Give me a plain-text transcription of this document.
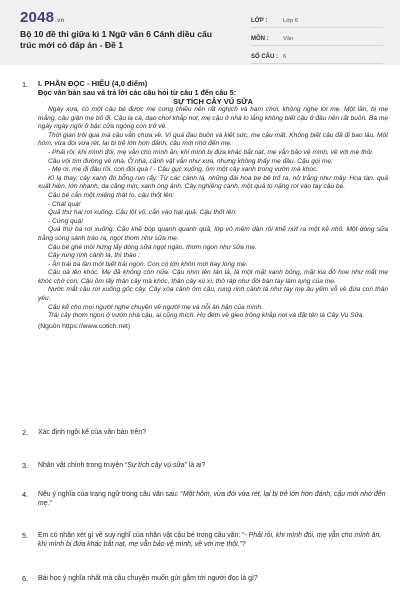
2048.vn
Bộ 10 đề thi giữa kì 1 Ngữ văn 6 Cánh diều cấu trúc mới có đáp án - Đề 1
LỚP :	Lớp 6
MÔN :	Văn
SỐ CÂU : 6
1. I. PHẦN ĐỌC - HIỂU (4,0 điểm)
Đọc văn bản sau và trả lời các câu hỏi từ câu 1 đến câu 5:
SỰ TÍCH CÂY VÚ SỮA

Ngày xưa, có một cậu bé được mẹ cưng chiều nên rất nghịch và ham chơi, không nghe lời mẹ. Một lần, bị mẹ mắng, cậu giận mẹ bỏ đi. Cậu la cà, dạo chơi khắp nơi, mẹ cậu ở nhà lo lắng không biết cậu ở đâu nên rất buồn. Bà mẹ ngày ngày ngồi ở bậc cửa ngóng con trở về.

Thời gian trôi qua mà cậu vẫn chưa về. Vì quá đau buồn và kiệt sức, mẹ cậu mất. Không biết cậu đã đi bao lâu. Một hôm, vừa đói vừa rét, lại bị trẻ lớn hơn đánh, cậu mới nhớ đến mẹ.

- Phải rồi, khi mình đói, mẹ vẫn cho mình ăn, khi mình bị đứa khác bắt nạt, mẹ vẫn bảo vệ mình, về với mẹ thôi.

Cậu vội tìm đường về nhà. Ở nhà, cảnh vật vẫn như xưa, nhưng không thấy mẹ đâu. Cậu gọi mẹ:

- Mẹ ơi, mẹ đi đâu rồi, con đói quá ! - Cậu gục xuống, ôm một cây xanh trong vườn mà khóc.

Kì lạ thay, cây xanh đó bỗng run rẩy. Từ các cành lá, những đài hoa be bé trổ ra, nở trắng như mây. Hoa tàn, quả xuất hiện, lớn nhanh, da căng mịn, xanh óng ánh. Cây nghiêng cành, một quả to nặng rơi vào tay cậu bé.

Cậu bé cắn một miếng thật to, cậu thốt lên:

- Chát quá!

Quả thứ hai rơi xuống. Cậu lột vỏ, cắn vào hạt quả. Cậu thốt lên:

- Cứng quá!

Quả thứ ba rơi xuống. Cậu khẽ bóp quanh quanh quả, lớp vỏ mềm dần rồi khẽ nứt ra một kẽ nhỏ. Một dòng sữa trắng sóng sánh trào ra, ngọt thơm như sữa mẹ.

Cậu bé ghé môi hứng lấy dòng sữa ngọt ngào, thơm ngon như sữa mẹ.

Cây rung rinh cành lá, thì thào :

- Ăn trái ba lần mới biết trái ngon. Con có lớn khôn mới hay lòng mẹ.

Cậu oà lên khóc. Mẹ đã không còn nữa. Cậu nhìn lên tán lá, lá một mặt xanh bóng, mặt kia đỏ hoe như mắt mẹ khóc chờ con. Cậu ôm lấy thân cây mà khóc, thân cây xù xì, thô ráp như đôi bàn tay làm lụng của mẹ.

Nước mắt cậu rơi xuống gốc cây. Cây xòa cành ôm cậu, rung rinh cành lá như tay mẹ âu yếm vỗ về đứa con thân yêu.

Cậu kể cho mọi người nghe chuyện về người mẹ và nỗi ân hận của mình.

Trái cây thơm ngon ở vườn nhà cậu, ai cũng thích. Họ đem về gieo trồng khắp nơi và đặt tên là Cây Vú Sữa.

(Nguồn https://www.cotich.net)
2. Xác định ngôi kể của văn bản trên?
3. Nhân vật chính trong truyện “Sự tích cây vú sữa” là ai?
4. Nêu ý nghĩa của trạng ngữ trong câu văn sau: “Một hôm, vừa đói vừa rét, lại bị trẻ lớn hơn đánh, cậu mới nhớ đến mẹ.”
5. Em có nhận xét gì về suy nghĩ của nhân vật cậu bé trong câu văn: “- Phải rồi, khi mình đói, mẹ vẫn cho mình ăn, khi mình bị đứa khác bắt nạt, mẹ vẫn bảo vệ mình, về với mẹ thôi.”?
6. Bài học ý nghĩa nhất mà câu chuyện muốn gửi gắm tới người đọc là gì?
